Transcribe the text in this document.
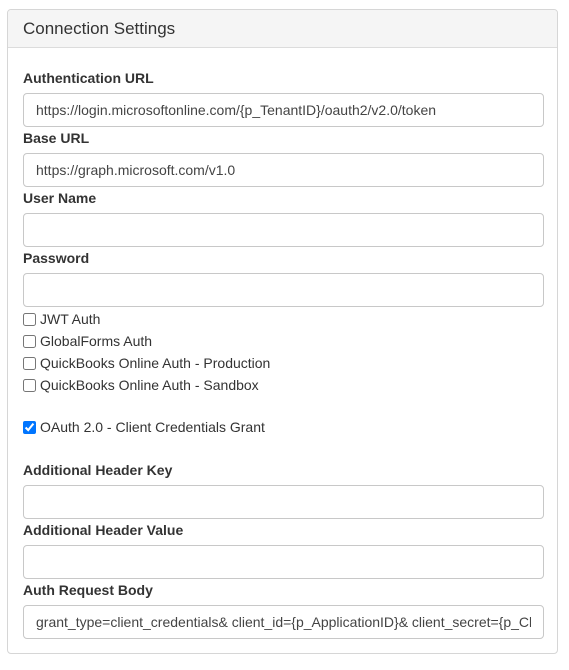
Connection Settings
Authentication URL
https://login.microsoftonline.com/{p_TenantID}/oauth2/v2.0/token
Base URL
https://graph.microsoft.com/v1.0
User Name
Password
JWT Auth
GlobalForms Auth
QuickBooks Online Auth - Production
QuickBooks Online Auth - Sandbox
OAuth 2.0 - Client Credentials Grant
Additional Header Key
Additional Header Value
Auth Request Body
grant_type=client_credentials& client_id={p_ApplicationID}& client_secret={p_ClientSecret}
